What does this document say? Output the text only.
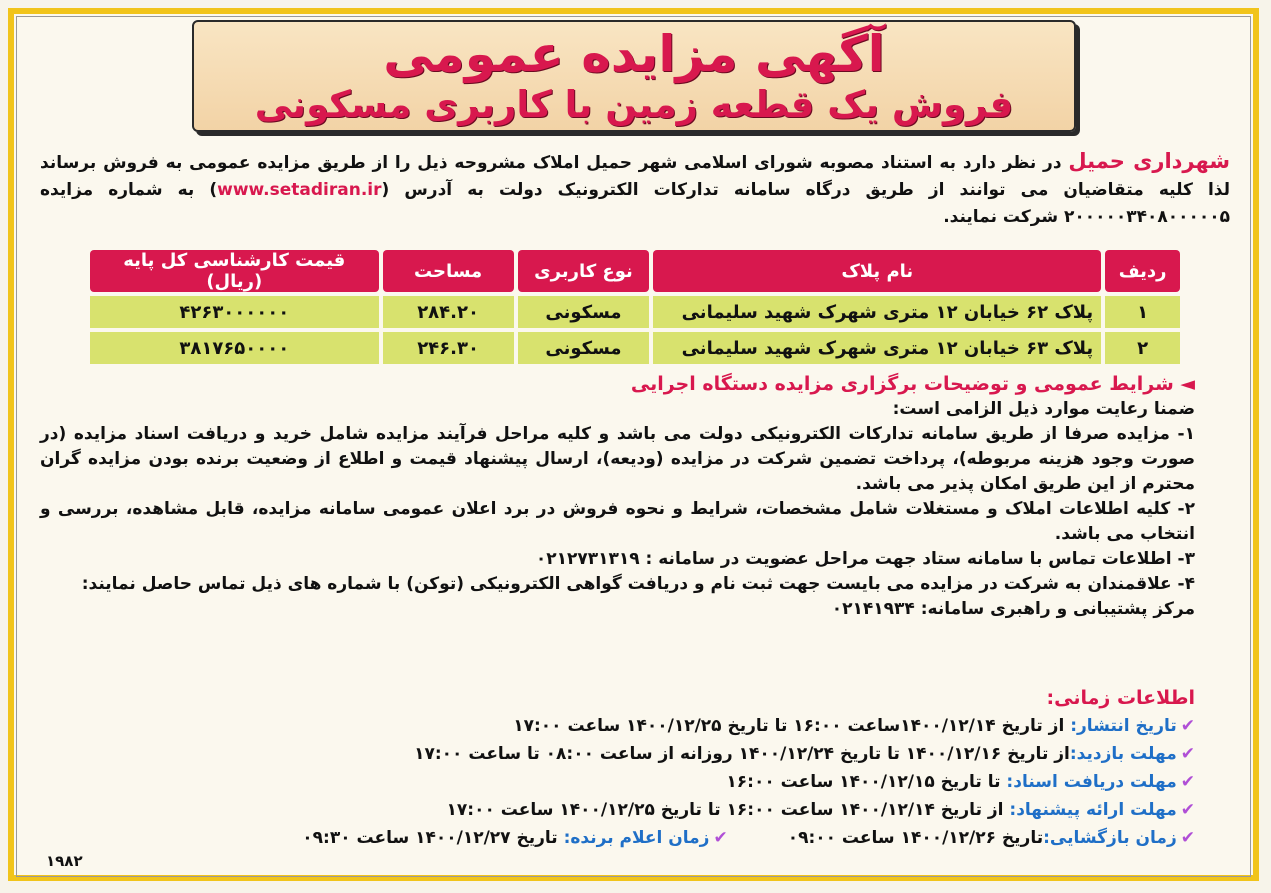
آگهی مزایده عمومی
فروش یک قطعه زمین با کاربری مسکونی
شهرداری حمیل در نظر دارد به استناد مصوبه شورای اسلامی شهر حمیل املاک مشروحه ذیل را از طریق مزایده عمومی به فروش برساند لذا کلیه متقاضیان می توانند از طریق درگاه سامانه تدارکات الکترونیک دولت به آدرس (www.setadiran.ir) به شماره مزایده ۲۰۰۰۰۰۳۴۰۸۰۰۰۰۰۵ شرکت نمایند.
ردیف	نام پلاک	نوع کاربری	مساحت	قیمت کارشناسی کل پایه (ریال)
۱	پلاک ۶۲ خیابان ۱۲ متری شهرک شهید سلیمانی	مسکونی	۲۸۴.۲۰	۴۲۶۳۰۰۰۰۰۰
۲	پلاک ۶۳ خیابان ۱۲ متری شهرک شهید سلیمانی	مسکونی	۲۴۶.۳۰	۳۸۱۷۶۵۰۰۰۰
◄ شرایط عمومی و توضیحات برگزاری مزایده دستگاه اجرایی

ضمنا رعایت موارد ذیل الزامی است:

۱- مزایده صرفا از طریق سامانه تدارکات الکترونیکی دولت می باشد و کلیه مراحل فرآیند مزایده شامل خرید و دریافت اسناد مزایده (در صورت وجود هزینه مربوطه)، پرداخت تضمین شرکت در مزایده (ودیعه)، ارسال پیشنهاد قیمت و اطلاع از وضعیت برنده بودن مزایده گران محترم از این طریق امکان پذیر می باشد.

۲- کلیه اطلاعات املاک و مستغلات شامل مشخصات، شرایط و نحوه فروش در برد اعلان عمومی سامانه مزایده، قابل مشاهده، بررسی و انتخاب می باشد.

۳- اطلاعات تماس با سامانه ستاد جهت مراحل عضویت در سامانه : ۰۲۱۲۷۳۱۳۱۹

۴- علاقمندان به شرکت در مزایده می بایست جهت ثبت نام و دریافت گواهی الکترونیکی (توکن) با شماره های ذیل تماس حاصل نمایند:

مرکز پشتیبانی و راهبری سامانه: ۰۲۱۴۱۹۳۴

اطلاعات زمانی:
✔تاریخ انتشار: از تاریخ ۱۴۰۰/۱۲/۱۴ساعت ۱۶:۰۰ تا تاریخ ۱۴۰۰/۱۲/۲۵ ساعت ۱۷:۰۰
✔مهلت بازدید:از تاریخ ۱۴۰۰/۱۲/۱۶ تا تاریخ ۱۴۰۰/۱۲/۲۴ روزانه از ساعت ۰۸:۰۰ تا ساعت ۱۷:۰۰
✔مهلت دریافت اسناد: تا تاریخ ۱۴۰۰/۱۲/۱۵ ساعت ۱۶:۰۰
✔مهلت ارائه پیشنهاد: از تاریخ ۱۴۰۰/۱۲/۱۴ ساعت ۱۶:۰۰ تا تاریخ ۱۴۰۰/۱۲/۲۵ ساعت ۱۷:۰۰
✔زمان بازگشایی:تاریخ ۱۴۰۰/۱۲/۲۶ ساعت ۰۹:۰۰
✔زمان اعلام برنده: تاریخ ۱۴۰۰/۱۲/۲۷ ساعت ۰۹:۳۰
۱۹۸۲
